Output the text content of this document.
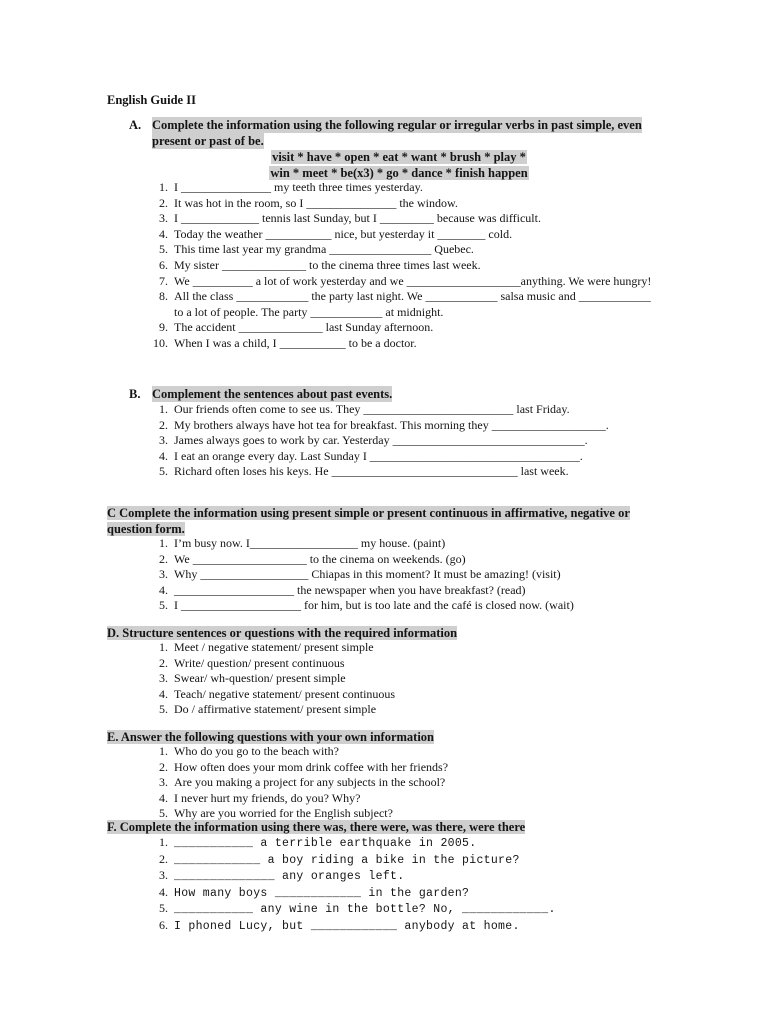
English Guide II
A. Complete the information using the following regular or irregular verbs in past simple, even
present or past of be.
visit * have * open * eat * want * brush * play *
win * meet * be(x3) * go * dance * finish happen
1. I _______________ my teeth three times yesterday.
2. It was hot in the room, so I _______________ the window.
3. I _____________ tennis last Sunday, but I _________ because was difficult.
4. Today the weather ___________ nice, but yesterday it ________ cold.
5. This time last year my grandma _________________ Quebec.
6. My sister ______________ to the cinema three times last week.
7. We __________ a lot of work yesterday and we ___________________anything. We were hungry!
8. All the class ____________ the party last night. We ____________ salsa music and ____________ to a lot of people. The party ____________ at midnight.
9. The accident ______________ last Sunday afternoon.
10. When I was a child, I ___________ to be a doctor.
B. Complement the sentences about past events.
1. Our friends often come to see us. They _________________________ last Friday.
2. My brothers always have hot tea for breakfast. This morning they ___________________.
3. James always goes to work by car. Yesterday ________________________________.
4. I eat an orange every day. Last Sunday I ___________________________________.
5. Richard often loses his keys. He _______________________________ last week.
C Complete the information using present simple or present continuous in affirmative, negative or
question form.
1. I’m busy now. I__________________ my house. (paint)
2. We ___________________ to the cinema on weekends. (go)
3. Why __________________ Chiapas in this moment? It must be amazing! (visit)
4. ____________________ the newspaper when you have breakfast? (read)
5. I ____________________ for him, but is too late and the café is closed now. (wait)
D. Structure sentences or questions with the required information
1. Meet / negative statement/ present simple
2. Write/ question/ present continuous
3. Swear/ wh-question/ present simple
4. Teach/ negative statement/ present continuous
5. Do / affirmative statement/ present simple
E. Answer the following questions with your own information
1. Who do you go to the beach with?
2. How often does your mom drink coffee with her friends?
3. Are you making a project for any subjects in the school?
4. I never hurt my friends, do you? Why?
5. Why are you worried for the English subject?
F. Complete the information using there was, there were, was there, were there
1. ___________ a terrible earthquake in 2005.
2. ____________ a boy riding a bike in the picture?
3. ______________ any oranges left.
4. How many boys ____________ in the garden?
5. ___________ any wine in the bottle? No, ____________.
6. I phoned Lucy, but ____________ anybody at home.
